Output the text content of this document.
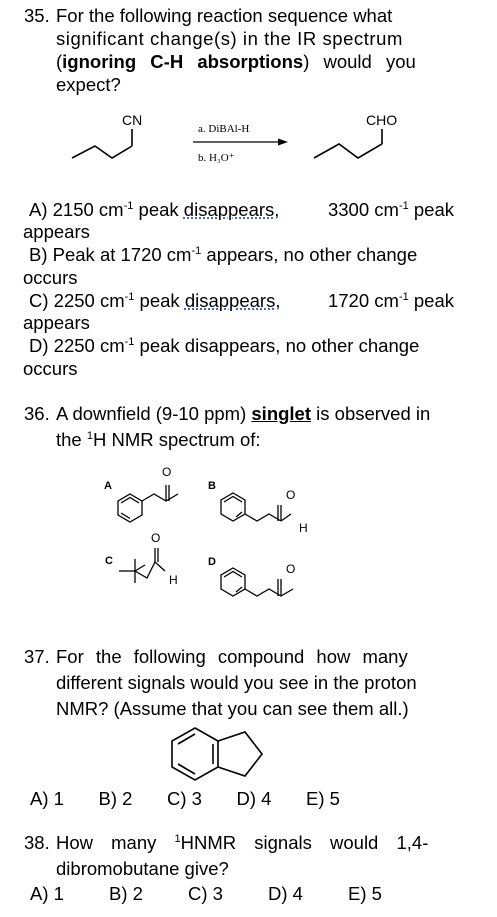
35. For the following reaction sequence what
significant change(s) in the IR spectrum
(ignoring C-H absorptions) would you
expect?
CN
a. DiBAl-H
b. H₃O⁺
CHO
A) 2150 $cm^{-1}$ peak disappears,	3300 $cm^{-1}$ peak
appears
B) Peak at 1720 $cm^{-1}$ appears, no other change
occurs
C) 2250 $cm^{-1}$ peak disappears,	1720 $cm^{-1}$ peak
appears
D) 2250 $cm^{-1}$ peak disappears, no other change
occurs
36. A downfield (9-10 ppm) singlet is observed in
the $^1$H NMR spectrum of:
A
O
B
O
H
C
O
H
D	O
37. For the following compound how many
different signals would you see in the proton
NMR? (Assume that you can see them all.)
A) 1 B) 2 C) 3 D) 4 E) 5
38. How many $^1$HNMR signals would 1,4-
dibromobutane give?
A) 1 B) 2 C) 3 D) 4 E) 5
